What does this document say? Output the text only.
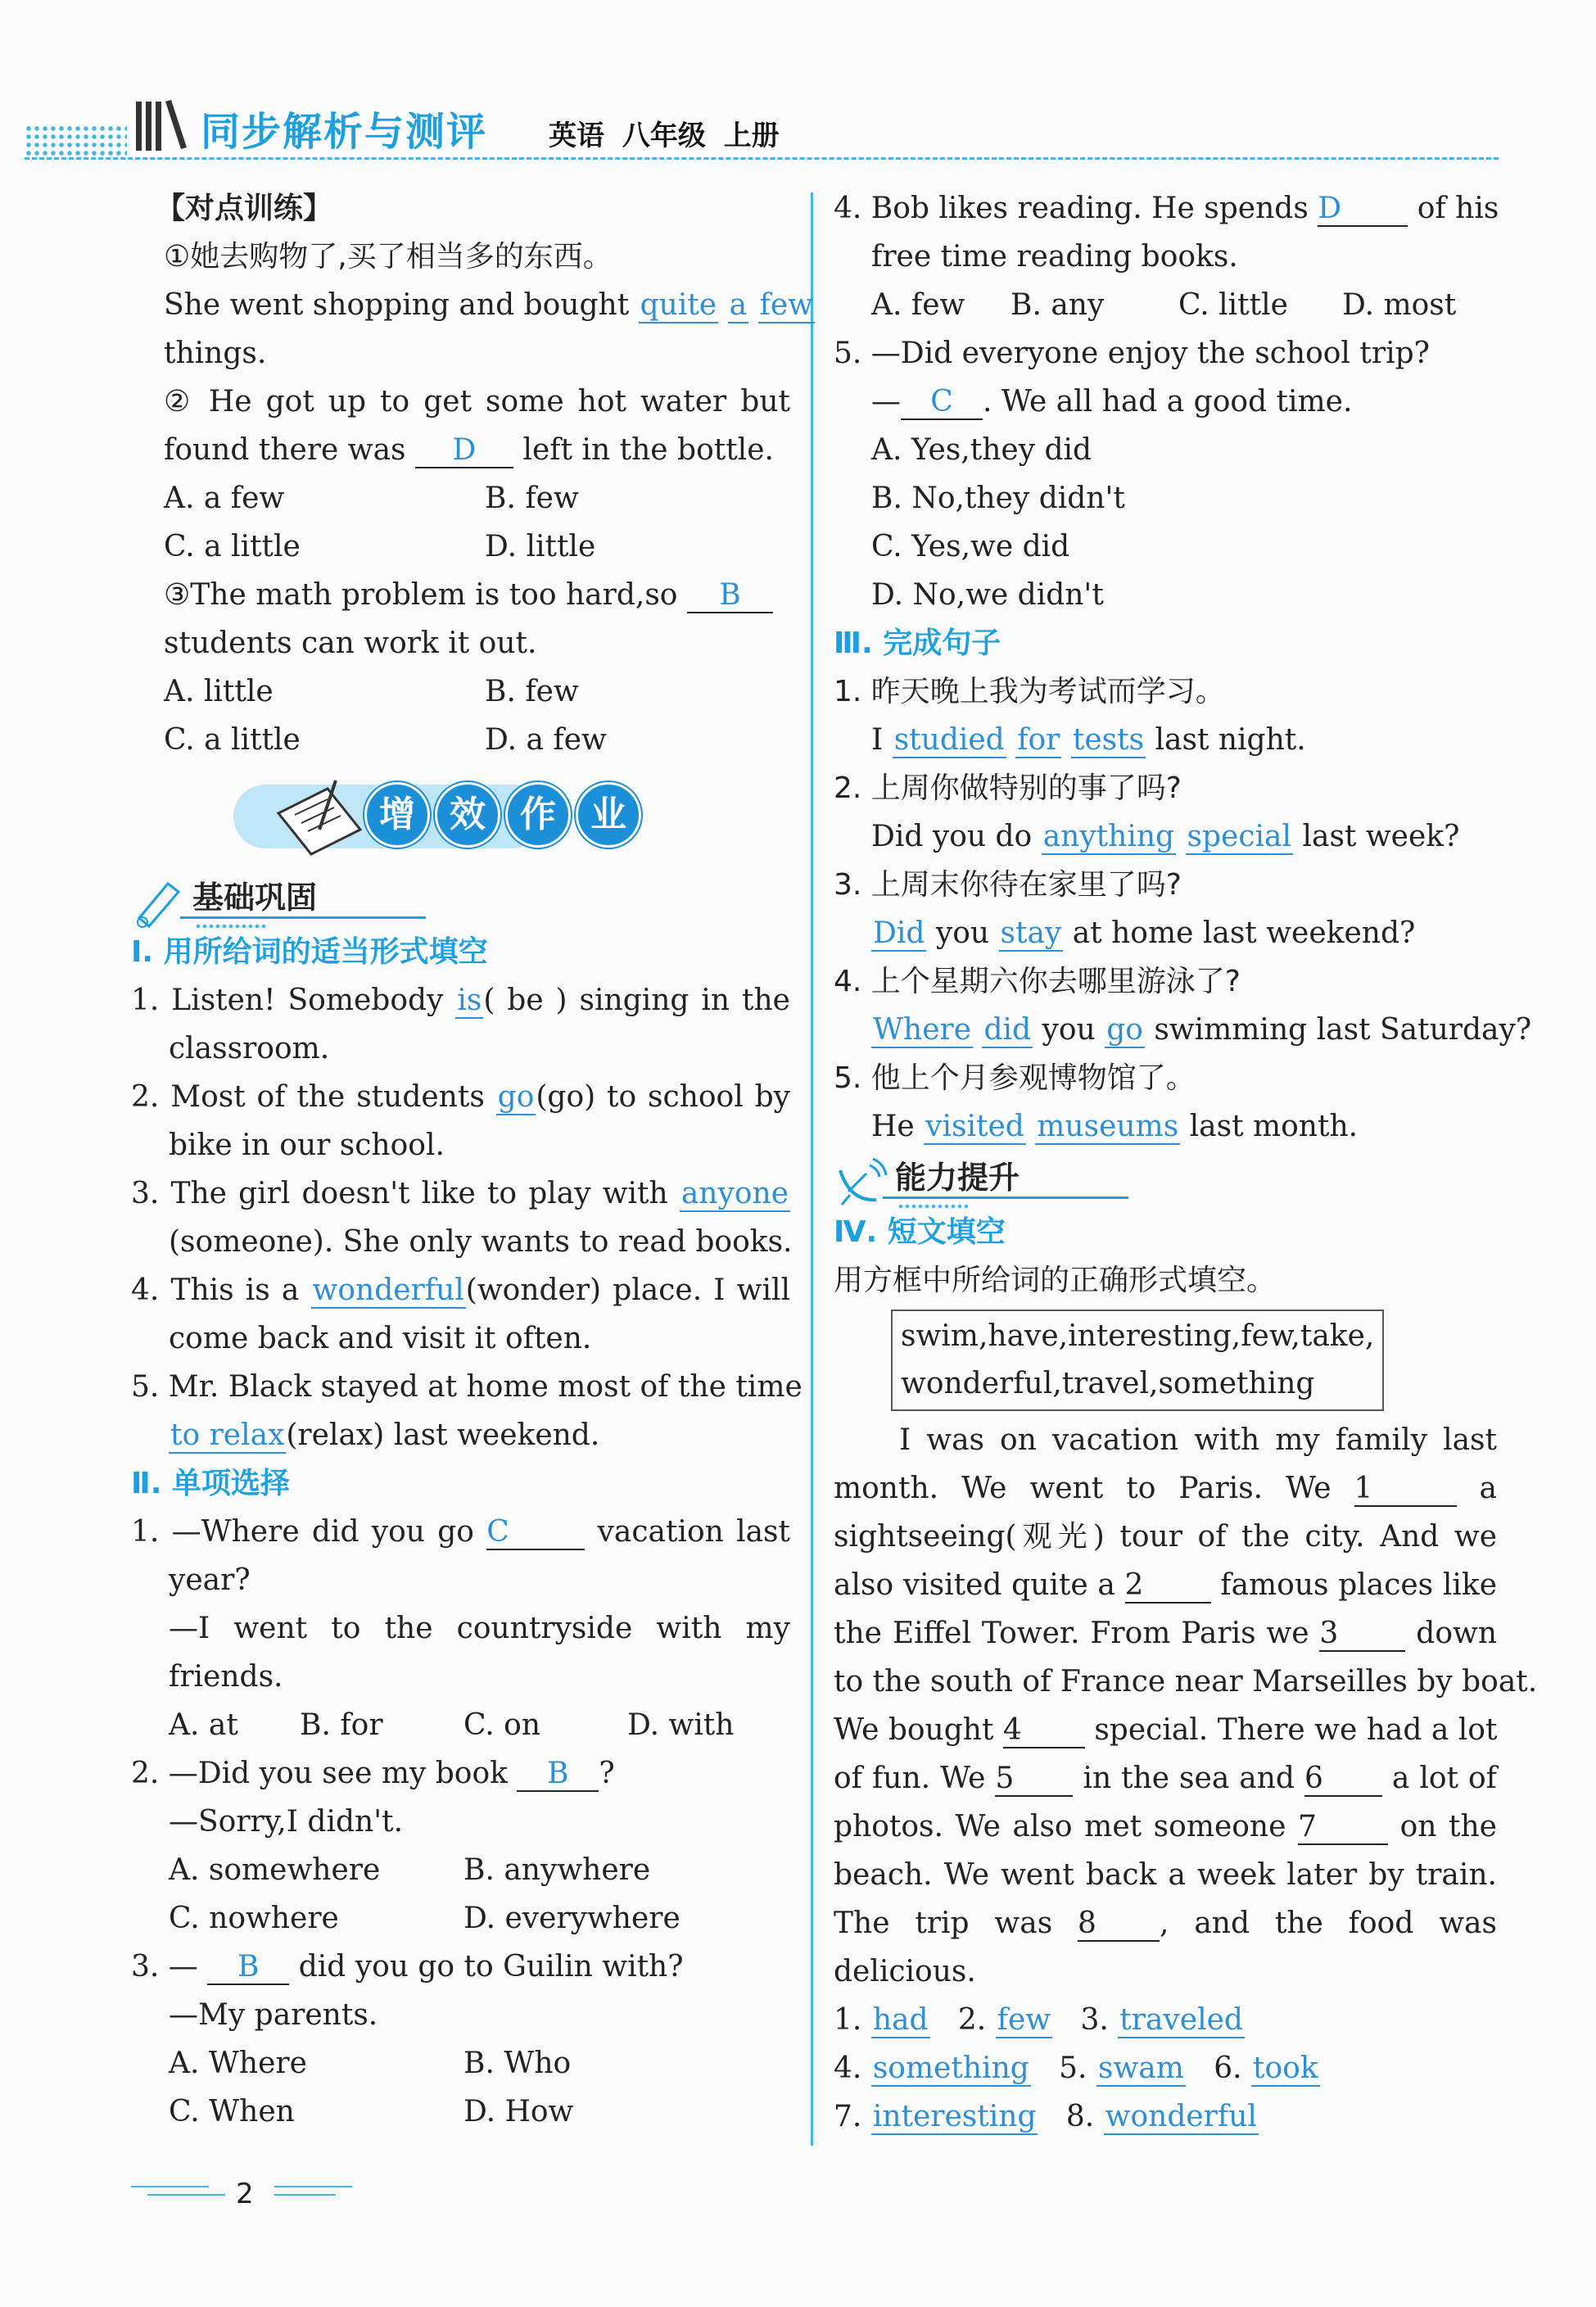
同步解析与测评 英语 八年级 上册
【对点训练】
①她去购物了,买了相当多的东西。
She went shopping and bought quite a few
things.
② He got up to get some hot water but
found there was D left in the bottle.
A. a few	B. few
C. a little	D. little
③The math problem is too hard,so B
students can work it out.
A. little	B. few
C. a little	D. a few
增 效 作 业
基础巩固
Ⅰ. 用所给词的适当形式填空
1. Listen! Somebody is( be ) singing in the
classroom.
2. Most of the students go(go) to school by
bike in our school.
3. The girl doesn't like to play with anyone
(someone). She only wants to read books.
4. This is a wonderful(wonder) place. I will
come back and visit it often.
5. Mr. Black stayed at home most of the time
to relax(relax) last weekend.
Ⅱ. 单项选择
1. —Where did you go C	vacation last
year?
—I went to the countryside with my
friends.
A. at	B. for	C. on	D. with
2. —Did you see my book B ?
—Sorry,I didn't.
A. somewhere	B. anywhere
C. nowhere	D. everywhere
3. — B did you go to Guilin with?
—My parents.
A. Where	B. Who
C. When	D. How
4. Bob likes reading. He spends D	of his
free time reading books.
A. few	B. any	C. little	D. most
5. —Did everyone enjoy the school trip?
— C . We all had a good time.
A. Yes,they did
B. No,they didn't
C. Yes,we did
D. No,we didn't
Ⅲ. 完成句子
1. 昨天晚上我为考试而学习。
I studied for tests last night.
2. 上周你做特别的事了吗?
Did you do anything special last week?
3. 上周末你待在家里了吗?
Did you stay at home last weekend?
4. 上个星期六你去哪里游泳了?
Where did you go swimming last Saturday?
5. 他上个月参观博物馆了。
He visited museums last month.
能力提升
Ⅳ. 短文填空
用方框中所给词的正确形式填空。
swim,have,interesting,few,take,
wonderful,travel,something
I was on vacation with my family last
month. We went to Paris. We 1	a
sightseeing(观光) tour of the city. And we
also visited quite a 2	famous places like
the Eiffel Tower. From Paris we 3	down
to the south of France near Marseilles by boat.
We bought 4 special. There we had a lot
of fun. We 5 in the sea and 6 a lot of
photos. We also met someone 7	on the
beach. We went back a week later by train.
The trip was 8 , and the food was
delicious.
1. had 2. few 3. traveled
4. something 5. swam 6. took
7. interesting 8. wonderful
2
